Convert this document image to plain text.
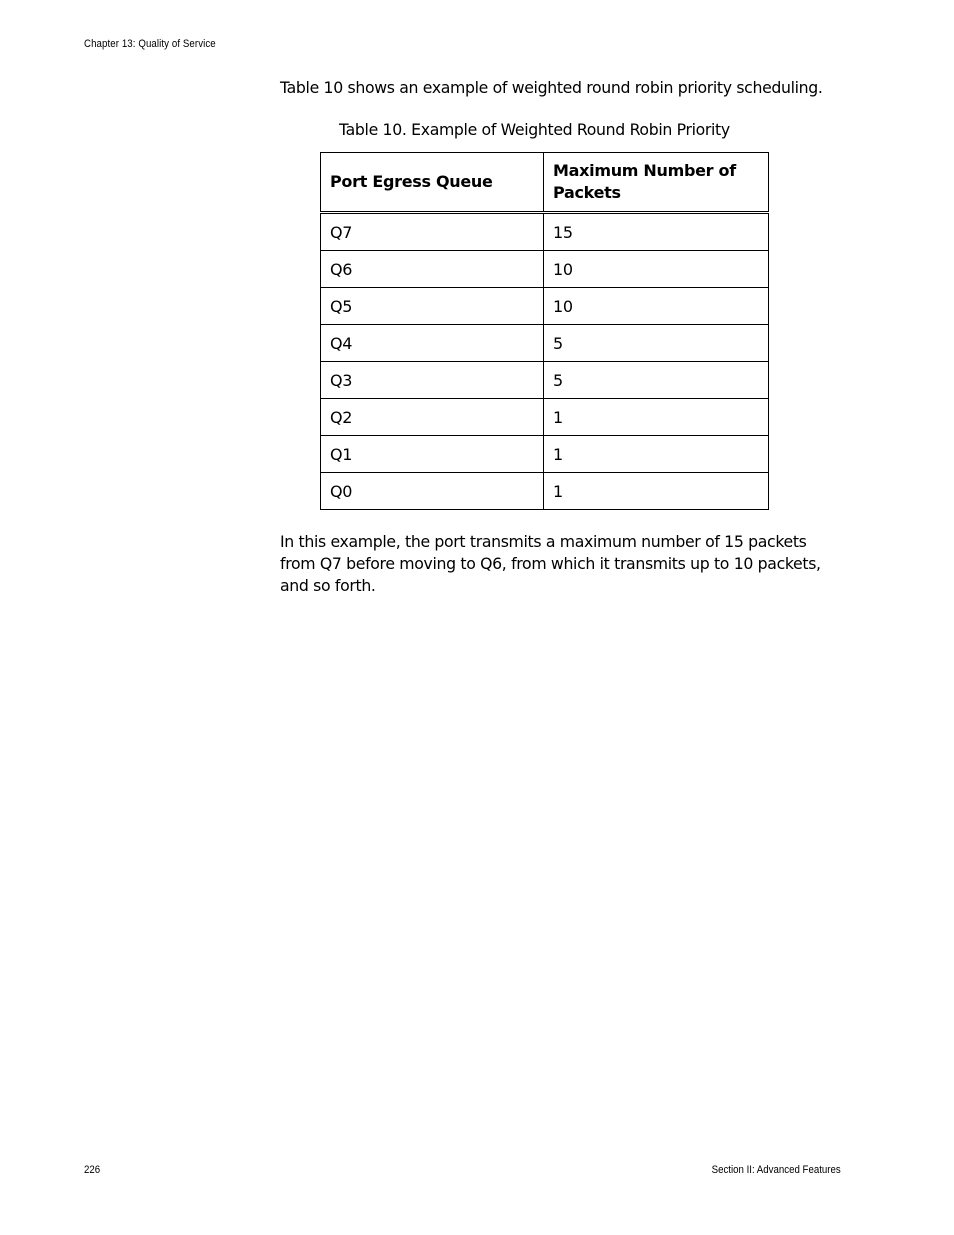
Chapter 13: Quality of Service
Table 10 shows an example of weighted round robin priority scheduling.
Table 10. Example of Weighted Round Robin Priority
Port Egress Queue	Maximum Number of Packets
Q7	15
Q6	10
Q5	10
Q4	5
Q3	5
Q2	1
Q1	1
Q0	1
In this example, the port transmits a maximum number of 15 packets from Q7 before moving to Q6, from which it transmits up to 10 packets, and so forth.
226	Section II: Advanced Features
